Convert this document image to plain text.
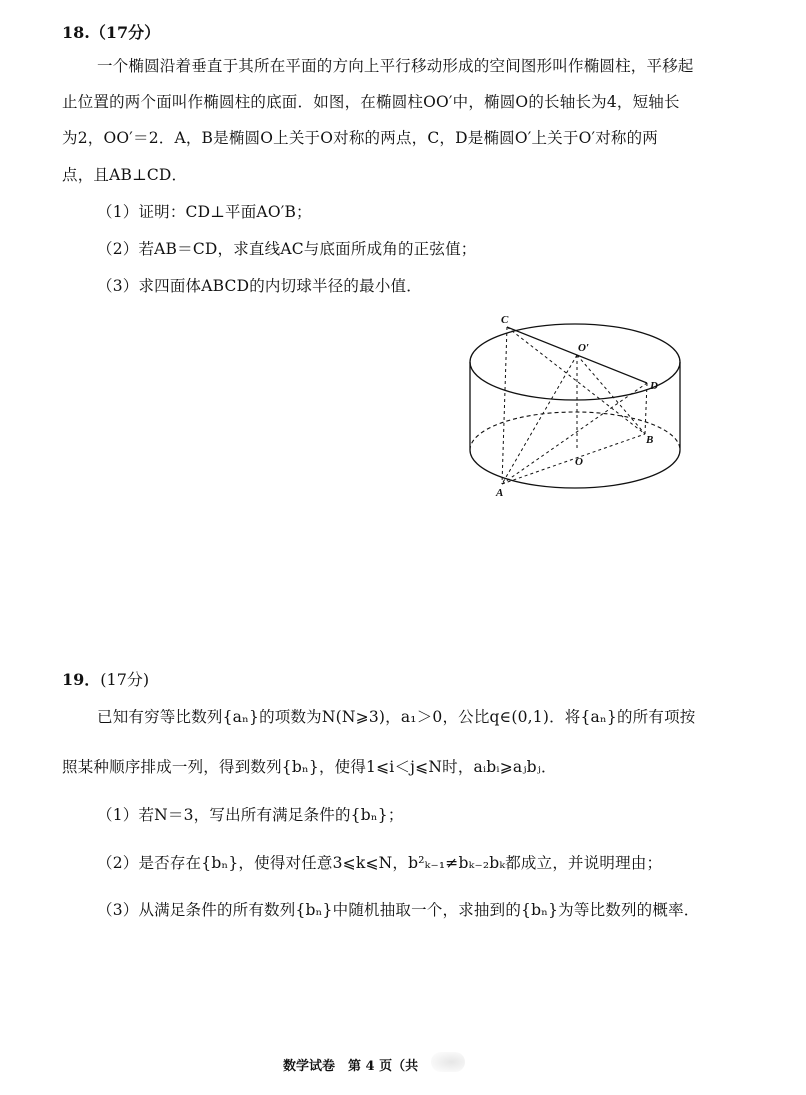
18.（17分）
一个椭圆沿着垂直于其所在平面的方向上平行移动形成的空间图形叫作椭圆柱，平移起
止位置的两个面叫作椭圆柱的底面．如图，在椭圆柱OO′中，椭圆O的长轴长为4，短轴长
为2，OO′＝2．A，B是椭圆O上关于O对称的两点，C，D是椭圆O′上关于O′对称的两
点，且AB⊥CD．
（1）证明：CD⊥平面AO′B；
（2）若AB＝CD，求直线AC与底面所成角的正弦值；
（3）求四面体ABCD的内切球半径的最小值．
C
O′
D
B
O
A
19．(17分)
已知有穷等比数列{aₙ}的项数为N(N⩾3)，a₁＞0，公比q∈(0,1)．将{aₙ}的所有项按
照某种顺序排成一列，得到数列{bₙ}，使得1⩽i＜j⩽N时，aᵢbᵢ⩾aⱼbⱼ．
（1）若N＝3，写出所有满足条件的{bₙ}；
（2）是否存在{bₙ}，使得对任意3⩽k⩽N，b²ₖ₋₁≠bₖ₋₂bₖ都成立，并说明理由；
（3）从满足条件的所有数列{bₙ}中随机抽取一个，求抽到的{bₙ}为等比数列的概率．
数学试卷　第 4 页（共
